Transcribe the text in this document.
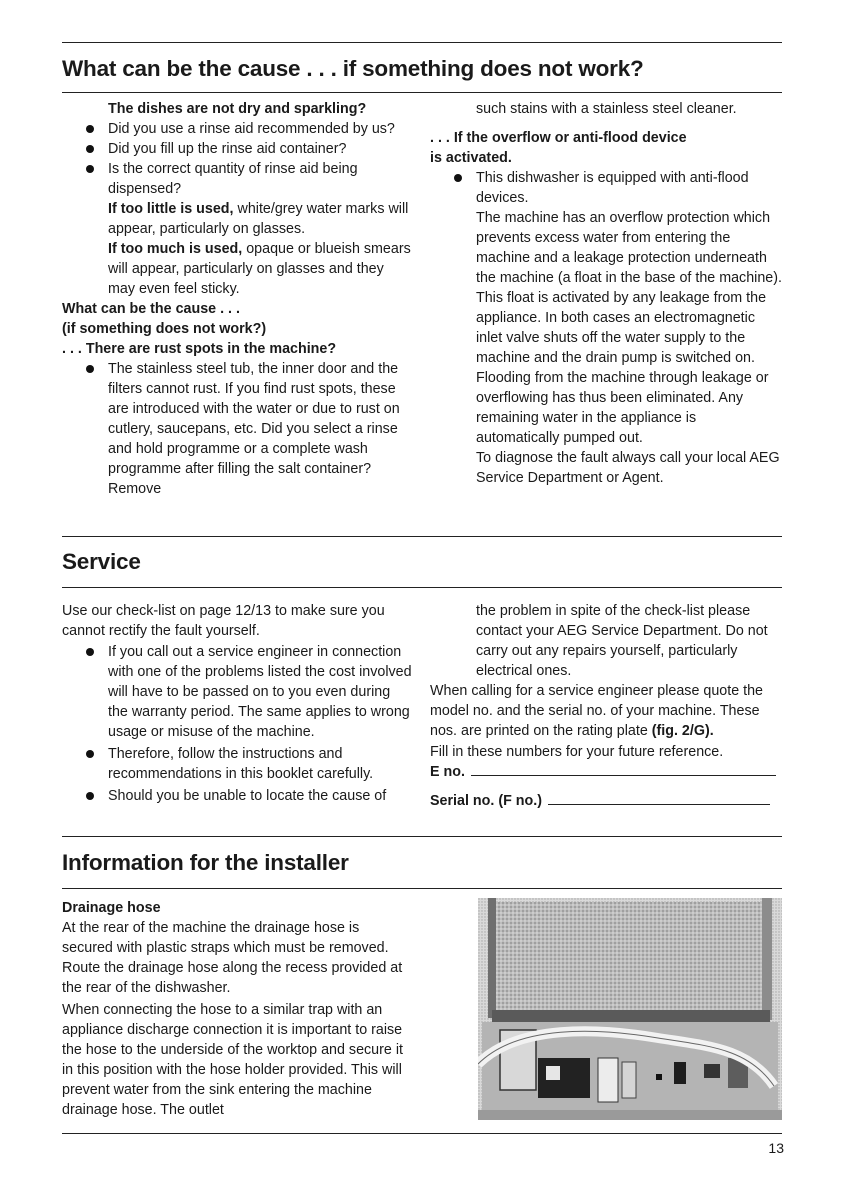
What can be the cause . . . if something does not work?

The dishes are not dry and sparkling?

Did you use a rinse aid recommended by us?
Did you fill up the rinse aid container?
Is the correct quantity of rinse aid being dispensed?

If too little is used, white/grey water marks will appear, particularly on glasses.

If too much is used, opaque or blueish smears will appear, particularly on glasses and they may even feel sticky.

What can be the cause . . .

(if something does not work?)

. . . There are rust spots in the machine?

The stainless steel tub, the inner door and the filters cannot rust. If you find rust spots, these are introduced with the water or due to rust on cutlery, saucepans, etc. Did you select a rinse and hold programme or a complete wash programme after filling the salt container? Remove

such stains with a stainless steel cleaner.

. . . If the overflow or anti-flood device

is activated.

This dishwasher is equipped with anti-flood devices.

The machine has an overflow protection which prevents excess water from entering the machine and a leakage protection underneath the machine (a float in the base of the machine). This float is activated by any leakage from the appliance. In both cases an electromagnetic inlet valve shuts off the water supply to the machine and the drain pump is switched on.

Flooding from the machine through leakage or overflowing has thus been eliminated. Any remaining water in the appliance is automatically pumped out.

To diagnose the fault always call your local AEG Service Department or Agent.

Service

Use our check-list on page 12/13 to make sure you cannot rectify the fault yourself.

If you call out a service engineer in connection with one of the problems listed the cost involved will have to be passed on to you even during the warranty period. The same applies to wrong usage or misuse of the machine.
Therefore, follow the instructions and recommendations in this booklet carefully.
Should you be unable to locate the cause of

the problem in spite of the check-list please contact your AEG Service Department. Do not carry out any repairs yourself, particularly electrical ones.

When calling for a service engineer please quote the model no. and the serial no. of your machine. These nos. are printed on the rating plate (fig. 2/G).

Fill in these numbers for your future reference.

E no.

Serial no. (F no.)

Information for the installer

Drainage hose

At the rear of the machine the drainage hose is secured with plastic straps which must be removed. Route the drainage hose along the recess provided at the rear of the dishwasher.

When connecting the hose to a similar trap with an appliance discharge connection it is important to raise the hose to the underside of the worktop and secure it in this position with the hose holder provided. This will prevent water from the sink entering the machine drainage hose. The outlet

13
